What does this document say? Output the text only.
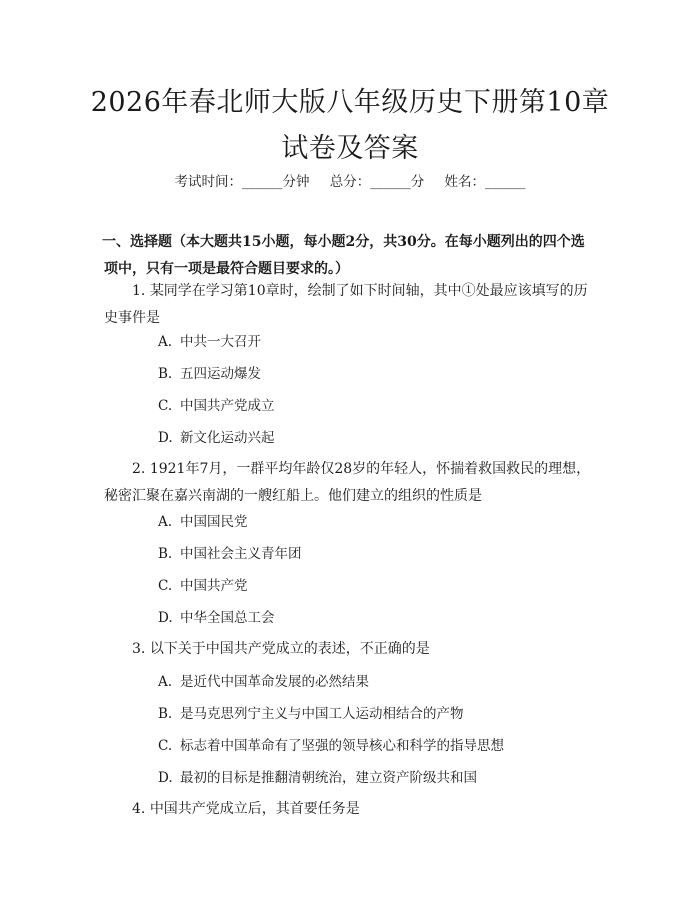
2026年春北师大版八年级历史下册第10章
试卷及答案
考试时间：______分钟 总分：______分 姓名：______
一、选择题（本大题共15小题，每小题2分，共30分。在每小题列出的四个选
项中，只有一项是最符合题目要求的。）
1. 某同学在学习第10章时，绘制了如下时间轴，其中①处最应该填写的历
史事件是
A. 中共一大召开
B. 五四运动爆发
C. 中国共产党成立
D. 新文化运动兴起
2. 1921年7月，一群平均年龄仅28岁的年轻人，怀揣着救国救民的理想，
秘密汇聚在嘉兴南湖的一艘红船上。他们建立的组织的性质是
A. 中国国民党
B. 中国社会主义青年团
C. 中国共产党
D. 中华全国总工会
3. 以下关于中国共产党成立的表述，不正确的是
A. 是近代中国革命发展的必然结果
B. 是马克思列宁主义与中国工人运动相结合的产物
C. 标志着中国革命有了坚强的领导核心和科学的指导思想
D. 最初的目标是推翻清朝统治，建立资产阶级共和国
4. 中国共产党成立后，其首要任务是
